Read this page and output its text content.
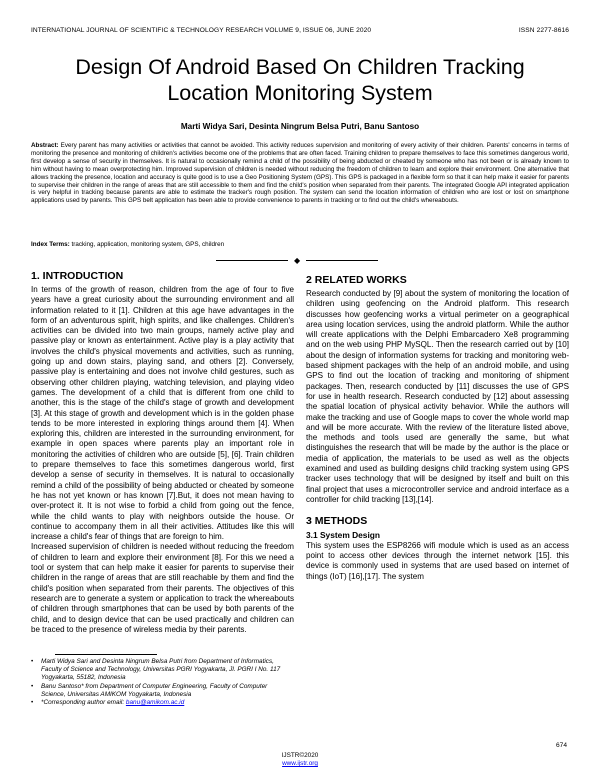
INTERNATIONAL JOURNAL OF SCIENTIFIC & TECHNOLOGY RESEARCH VOLUME 9, ISSUE 06, JUNE 2020	ISSN 2277-8616
Design Of Android Based On Children Tracking
Location Monitoring System
Marti Widya Sari, Desinta Ningrum Belsa Putri, Banu Santoso

Abstract: Every parent has many activities or activities that cannot be avoided. This activity reduces supervision and monitoring of every activity of their children. Parents' concerns in terms of monitoring the presence and monitoring of children's activities become one of the problems that are often faced. Training children to prepare themselves to face this sometimes dangerous world, first develop a sense of security in themselves. It is natural to occasionally remind a child of the possibility of being abducted or cheated by someone who has not been or is already known to him without having to mean overprotecting him. Improved supervision of children is needed without reducing the freedom of children to learn and explore their environment. One alternative that allows tracking the presence, location and accuracy is quite good is to use a Geo Positioning System (GPS). This GPS is packaged in a flexible form so that it can help make it easier for parents to supervise their children in the range of areas that are still accessible to them and find the child's position when separated from their parents. The integrated Google API integrated application is very helpful in tracking because parents are able to estimate the tracker's rough position. The system can send the location information of children who are lost or lost on smartphone applications used by parents. This GPS belt application has been able to provide convenience to parents in tracking or to find out the child's whereabouts.

Index Terms: tracking, application, monitoring system, GPS, children
◆
1. INTRODUCTION

In terms of the growth of reason, children from the age of four to five years have a great curiosity about the surrounding environment and all information related to it [1]. Children at this age have advantages in the form of an adventurous spirit, high spirits, and like challenges. Children's activities can be divided into two main groups, namely active play and passive play or known as entertainment. Active play is a play activity that involves the child's physical movements and activities, such as running, going up and down stairs, playing sand, and others [2]. Conversely, passive play is entertaining and does not involve child gestures, such as observing other children playing, watching television, and playing video games. The development of a child that is different from one child to another, this is the stage of the child's stage of growth and development [3]. At this stage of growth and development which is in the golden phase tends to be more interested in exploring things around them [4]. When exploring this, children are interested in the surrounding environment, for example in open spaces where parents play an important role in monitoring the activities of children who are outside [5], [6]. Train children to prepare themselves to face this sometimes dangerous world, first develop a sense of security in themselves. It is natural to occasionally remind a child of the possibility of being abducted or cheated by someone he has not yet known or has known [7].But, it does not mean having to over-protect it. It is not wise to forbid a child from going out the fence, while the child wants to play with neighbors outside the house. Or continue to accompany them in all their activities. Attitudes like this will increase a child's fear of things that are foreign to him.

Increased supervision of children is needed without reducing the freedom of children to learn and explore their environment [8]. For this we need a tool or system that can help make it easier for parents to supervise their children in the range of areas that are still reachable by them and find the child's position when separated from their parents. The objectives of this research are to generate a system or application to track the whereabouts of children through smartphones that can be used by both parents of the child, and to design device that can be used practically and children can be traced to the presence of wireless media by their parents.

2 RELATED WORKS

Research conducted by [9] about the system of monitoring the location of children using geofencing on the Android platform. This research discusses how geofencing works a virtual perimeter on a geographical area using location services, using the android platform. While the author will create applications with the Delphi Embarcadero Xe8 programming and on the web using PHP MySQL. Then the research carried out by [10] about the design of information systems for tracking and monitoring web-based shipment packages with the help of an android mobile, and using GPS to find out the location of tracking and monitoring of shipment packages. Then, research conducted by [11] discusses the use of GPS for use in health research. Research conducted by [12] about assessing the spatial location of physical activity behavior. While the authors will make the tracking and use of Google maps to cover the whole world map and will be more accurate. With the review of the literature listed above, the methods and tools used are generally the same, but what distinguishes the research that will be made by the author is the place or media of application, the materials to be used as well as the objects examined and used as building designs child tracking system using GPS tracker uses technology that will be designed by itself and built on this final project that uses a microcontroller service and android interface as a controller for child tracking [13],[14].

3 METHODS
3.1 System Design

This system uses the ESP8266 wifi module which is used as an access point to access other devices through the internet network [15]. this device is commonly used in systems that are used based on internet of things (IoT) [16],[17]. The system

•	Marti Widya Sari and Desinta Ningrum Belsa Putri from Department of Informatics, Faculty of Science and Technology, Universitas PGRI Yogyakarta, Jl. PGRI I No. 117 Yogyakarta, 55182, Indonesia
•	Banu Santoso* from Department of Computer Engineering, Faculty of Computer Science, Universitas AMIKOM Yogyakarta, Indonesia
•	*Corresponding author email: banu@amikom.ac.id
674
IJSTR©2020
www.ijstr.org
